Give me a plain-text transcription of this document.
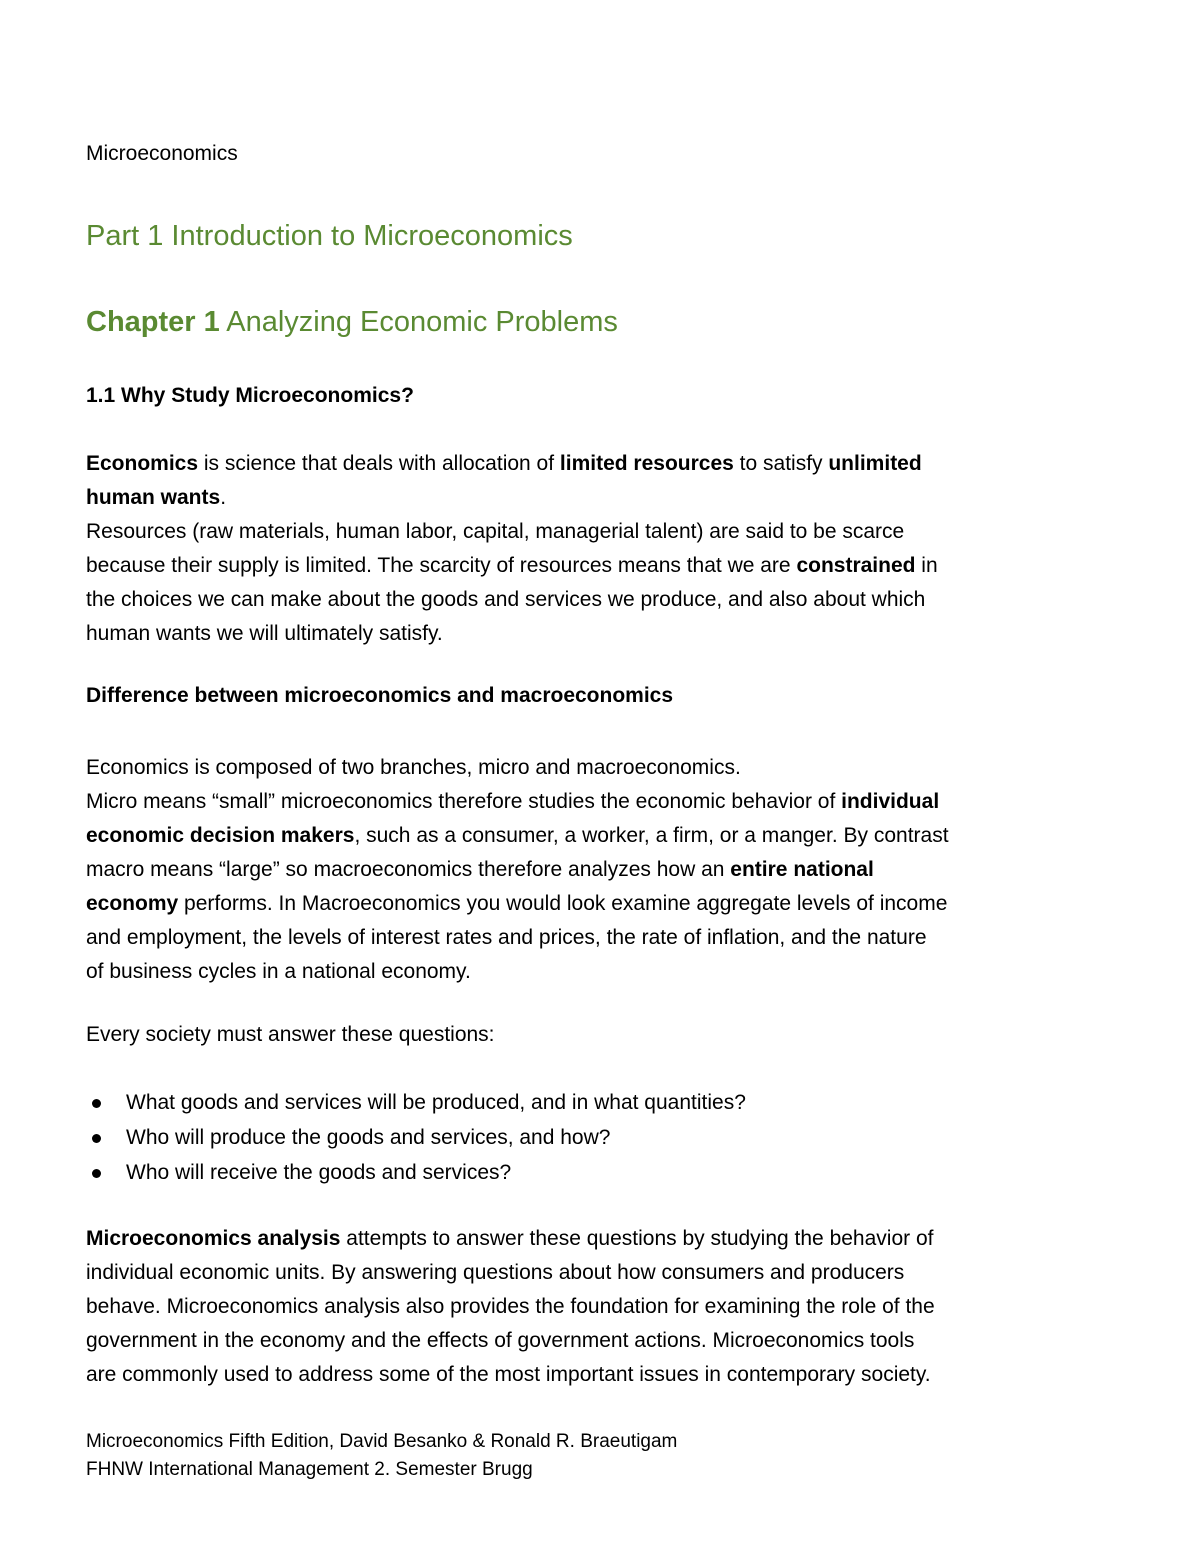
Microeconomics
Part 1 Introduction to Microeconomics
Chapter 1 Analyzing Economic Problems
1.1 Why Study Microeconomics?
Economics is science that deals with allocation of limited resources to satisfy unlimited
human wants.
Resources (raw materials, human labor, capital, managerial talent) are said to be scarce
because their supply is limited. The scarcity of resources means that we are constrained in
the choices we can make about the goods and services we produce, and also about which
human wants we will ultimately satisfy.
Difference between microeconomics and macroeconomics
Economics is composed of two branches, micro and macroeconomics.
Micro means “small” microeconomics therefore studies the economic behavior of individual
economic decision makers, such as a consumer, a worker, a firm, or a manger. By contrast
macro means “large” so macroeconomics therefore analyzes how an entire national
economy performs. In Macroeconomics you would look examine aggregate levels of income
and employment, the levels of interest rates and prices, the rate of inflation, and the nature
of business cycles in a national economy.
Every society must answer these questions:
What goods and services will be produced, and in what quantities?
Who will produce the goods and services, and how?
Who will receive the goods and services?
Microeconomics analysis attempts to answer these questions by studying the behavior of
individual economic units. By answering questions about how consumers and producers
behave. Microeconomics analysis also provides the foundation for examining the role of the
government in the economy and the effects of government actions. Microeconomics tools
are commonly used to address some of the most important issues in contemporary society.
Microeconomics Fifth Edition, David Besanko & Ronald R. Braeutigam
FHNW International Management 2. Semester Brugg
